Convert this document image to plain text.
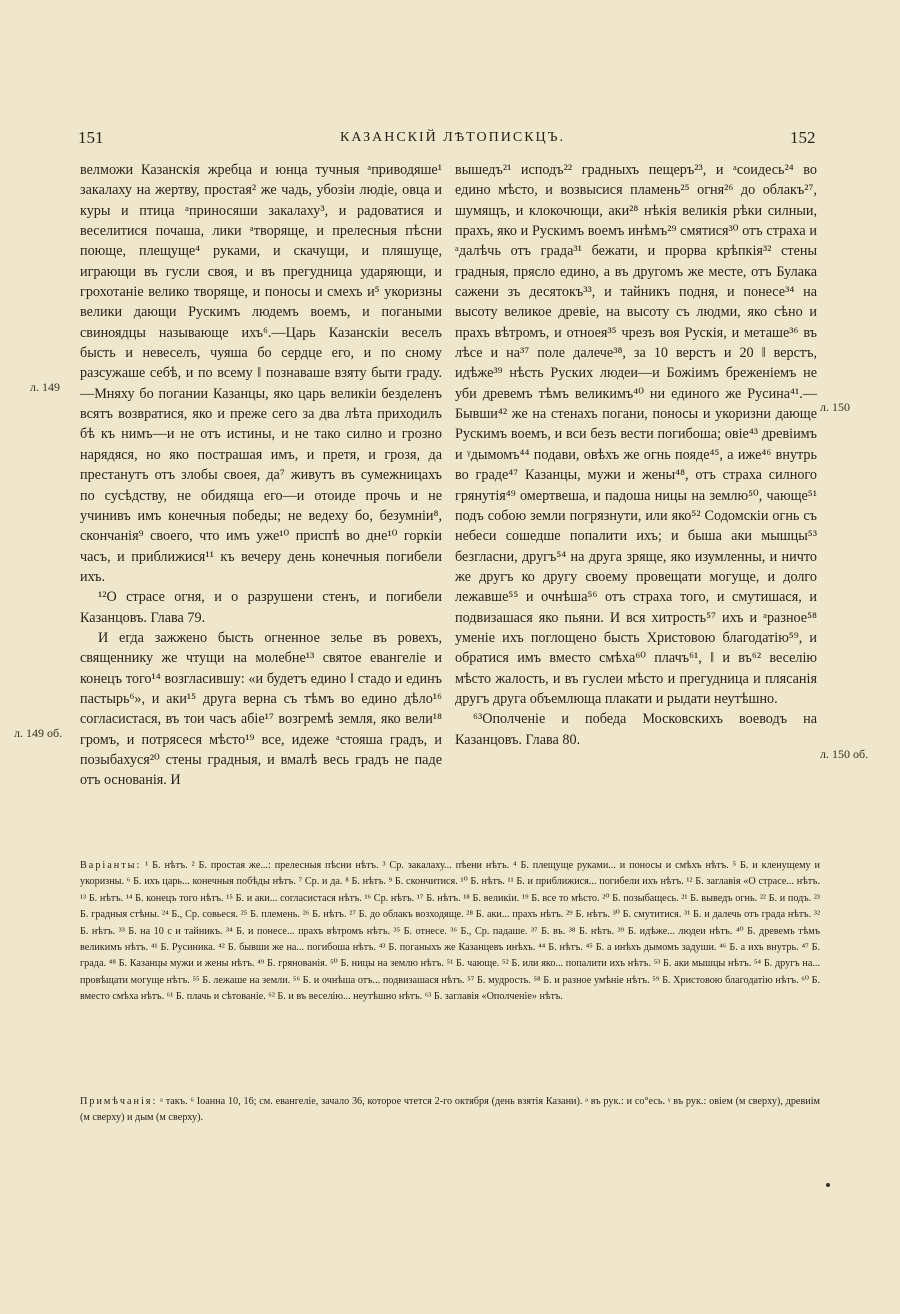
151	КАЗАНСКIЙ ЛѢТОПИСКЦЪ.	152
л. 149
л. 149 об.
л. 150
л. 150 об.

велможи Казанскія жребца и юнца тучныя ᵃприводяше¹ закалаху на жертву, простая² же чадь, убозіи людіе, овца и куры и птица ᵃприносяши закалаху³, и радоватися и веселитися почаша, лики ᵃтворяще, и прелесныя пѣсни поюще, плещуще⁴ руками, и скачущи, и пляшуще, играющи въ гусли своя, и въ прегудница ударяющи, и грохотаніе велико творяще, и поносы и смехъ и⁵ укоризны велики дающи Рускимъ людемъ воемъ, и погаными свиноядцы называюще ихъ⁶.—Царь Казанскіи веселъ бысть и невеселъ, чуяша бо сердце его, и по сному разсужаше себѣ, и по всему ‖ познаваше взяту быти граду.—Мняху бо погании Казанцы, яко царь великіи безделенъ всятъ возвратися, яко и преже сего за два лѣта приходилъ бѣ къ нимъ—и не отъ истины, и не тако силно и грозно нарядяся, но яко пострашая имъ, и претя, и грозя, да престанутъ отъ злобы своея, да⁷ живутъ въ сумежницахъ по сусѣдству, не обидяща его—и отоиде прочь и не учинивъ имъ конечныя победы; не ведеху бо, безумніи⁸, скончанія⁹ своего, что имъ уже¹⁰ приспѣ во дне¹⁰ горкіи часъ, и приближися¹¹ къ вечеру день конечныя погибели ихъ.

¹²О страсе огня, и о разрушени стенъ, и погибели Казанцовъ. Глава 79.

И егда зажжено бысть огненное зелье въ ровехъ, священнику же чтущи на молебне¹³ святое евангеліе и конецъ того¹⁴ возгласившу: «и будетъ едино ‖ стадо и единъ пастырь⁶», и аки¹⁵ друга верна съ тѣмъ во едино дѣло¹⁶ согласистася, въ тои часъ абіе¹⁷ возгремѣ земля, яко вели¹⁸ громъ, и потрясеся мѣсто¹⁹ все, идеже ᵃстояша градъ, и позыбахуся²⁰ стены градныя, и вмалѣ весь градъ не паде отъ основанія. И

вышедъ²¹ исподъ²² градныхъ пещеръ²³, и ᵃсоидесь²⁴ во едино мѣсто, и возвысися пламень²⁵ огня²⁶ до облакъ²⁷, шумящъ, и клокочющи, аки²⁸ нѣкія великія рѣки силныи, прахъ, яко и Рускимъ воемъ инѣмъ²⁹ смятися³⁰ отъ страха и ᵃдалѣчь отъ града³¹ бежати, и прорва крѣпкія³² стены градныя, прясло едино, а въ другомъ же месте, отъ Булака сажени зъ десятокъ³³, и тайникъ подня, и понесе³⁴ на высоту великое древіе, на высоту съ людми, яко сѣно и прахъ вѣтромъ, и отноея³⁵ чрезъ воя Рускія, и меташе³⁶ въ лѣсе и на³⁷ поле далече³⁸, за 10 верстъ и 20 ‖ верстъ, идѣже³⁹ нѣсть Руских людеи—и Божіимъ бреженіемъ не уби древемъ тѣмъ великимъ⁴⁰ ни единого же Русина⁴¹.—Бывши⁴² же на стенахъ погани, поносы и укоризни дающе Рускимъ воемъ, и вси безъ вести погибоша; овіе⁴³ древіимъ и ᵞдымомъ⁴⁴ подави, овѣхъ же огнь пояде⁴⁵, а иже⁴⁶ внутрь во граде⁴⁷ Казанцы, мужи и жены⁴⁸, отъ страха силного грянутія⁴⁹ омертвеша, и падоша ницы на землю⁵⁰, чающе⁵¹ подъ собою земли погрязнути, или яко⁵² Содомскіи огнь съ небеси сошедше попалити ихъ; и быша аки мышцы⁵³ безгласни, другъ⁵⁴ на друга зряще, яко изумленны, и ничто же другъ ко другу своему провещати могуще, и долго лежавше⁵⁵ и очнѣша⁵⁶ отъ страха того, и смутишася, и подвизашася яко пьяни. И вся хитрость⁵⁷ ихъ и ᵃразное⁵⁸ уменіе ихъ поглощено бысть Христовою благодатію⁵⁹, и обратися имъ вместо смѣха⁶⁰ плачъ⁶¹, ‖ и въ⁶² веселію мѣсто жалость, и въ гуслеи мѣсто и прегудница и плясанія другъ друга объемлюща плакати и рыдати неутѣшно.

⁶³Ополченіе и победа Московскихъ воеводъ на Казанцовъ. Глава 80.

Варіанты: ¹ Б. нѣтъ. ² Б. простая же...: прелесныя пѣсни нѣтъ. ³ Ср. закалаху... пѣени нѣтъ. ⁴ Б. плещуще руками... и поносы и смѣхъ нѣтъ. ⁵ Б. и кленущему и укоризны. ⁶ Б. ихъ царь... конечныя побѣды нѣтъ. ⁷ Ср. и да. ⁸ Б. нѣтъ. ⁹ Б. скончитися. ¹⁰ Б. нѣтъ. ¹¹ Б. и приближися... погибели ихъ нѣтъ. ¹² Б. заглавія «О страсе... нѣтъ. ¹³ Б. нѣтъ. ¹⁴ Б. конецъ того нѣтъ. ¹⁵ Б. и аки... согласистася нѣтъ. ¹⁶ Ср. нѣтъ. ¹⁷ Б. нѣтъ. ¹⁸ Б. великіи. ¹⁹ Б. все то мѣсто. ²⁰ Б. позыбащесь. ²¹ Б. выведъ огнь. ²² Б. и подъ. ²³ Б. градныя стѣны. ²⁴ Б., Ср. совьеся. ²⁵ Б. племень. ²⁶ Б. нѣтъ. ²⁷ Б. до облакъ возходяще. ²⁸ Б. аки... прахъ нѣтъ. ²⁹ Б. нѣтъ. ³⁰ Б. смутитися. ³¹ Б. и далечь отъ града нѣтъ. ³² Б. нѣтъ. ³³ Б. на 10 с и тайникъ. ³⁴ Б. и понесе... прахъ вѣтромъ нѣтъ. ³⁵ Б. отнесе. ³⁶ Б., Ср. падаше. ³⁷ Б. въ. ³⁸ Б. нѣтъ. ³⁹ Б. идѣже... людеи нѣтъ. ⁴⁰ Б. древемъ тѣмъ великимъ нѣтъ. ⁴¹ Б. Русиника. ⁴² Б. бывши же на... погибоша нѣтъ. ⁴³ Б. поганыхъ же Казанцевъ инѣхъ. ⁴⁴ Б. нѣтъ. ⁴⁵ Б. а инѣхъ дымомъ задуши. ⁴⁶ Б. а ихъ внутрь. ⁴⁷ Б. града. ⁴⁸ Б. Казанцы мужи и жены нѣтъ. ⁴⁹ Б. грянованія. ⁵⁰ Б. ницы на землю нѣтъ. ⁵¹ Б. чающе. ⁵² Б. или яко... попалити ихъ нѣтъ. ⁵³ Б. аки мышцы нѣтъ. ⁵⁴ Б. другъ на... провѣщати могуще нѣтъ. ⁵⁵ Б. лежаше на земли. ⁵⁶ Б. и очнѣша отъ... подвизашася нѣтъ. ⁵⁷ Б. мудрость. ⁵⁸ Б. и разное умѣніе нѣтъ. ⁵⁹ Б. Христовою благодатію нѣтъ. ⁶⁰ Б. вместо смѣха нѣтъ. ⁶¹ Б. плачь и сѣтованіе. ⁶² Б. и въ веселію... неутѣшно нѣтъ. ⁶³ Б. заглавія «Ополченіе» нѣтъ.

Примѣчанія: ᵃ такъ. ⁶ Іоанна 10, 16; см. евангеліе, зачало 36, которое чтется 2-го октября (день взятія Казани). ᵃ въ рук.: и со°есь. ᵞ въ рук.: овіем (м сверху), древиім (м сверху) и дым (м сверху).
